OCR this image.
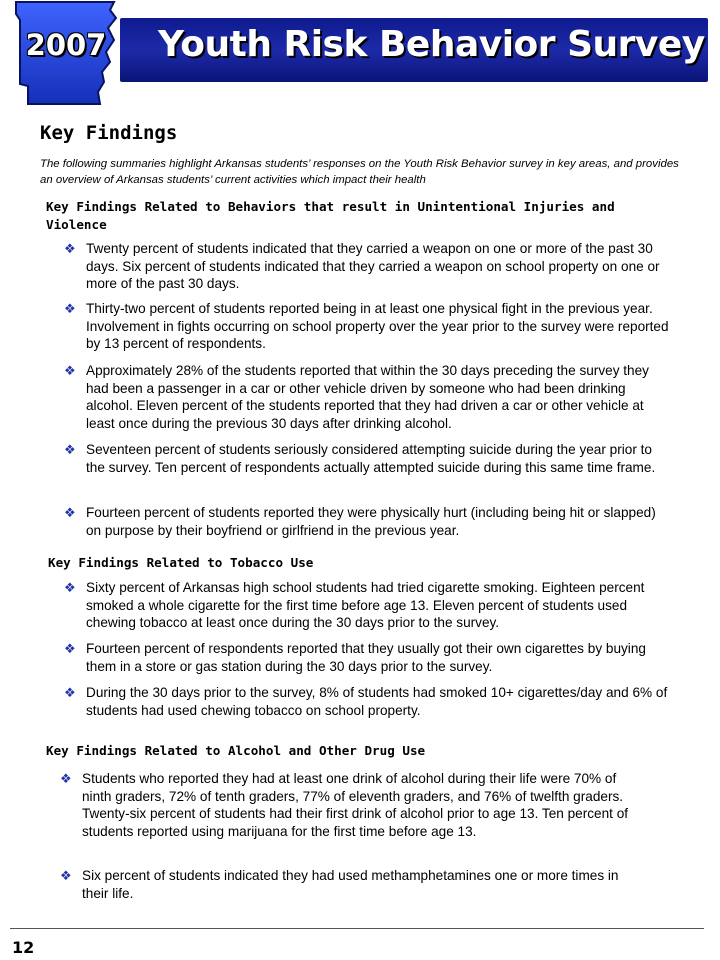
2007 Youth Risk Behavior Survey
Key Findings
The following summaries highlight Arkansas students’ responses on the Youth Risk Behavior survey in key areas, and provides an overview of Arkansas students’ current activities which impact their health
Key Findings Related to Behaviors that result in Unintentional Injuries and Violence
❖ Twenty percent of students indicated that they carried a weapon on one or more of the past 30 days. Six percent of students indicated that they carried a weapon on school property on one or more of the past 30 days.
❖ Thirty-two percent of students reported being in at least one physical fight in the previous year. Involvement in fights occurring on school property over the year prior to the survey were reported by 13 percent of respondents.
❖ Approximately 28% of the students reported that within the 30 days preceding the survey they had been a passenger in a car or other vehicle driven by someone who had been drinking alcohol. Eleven percent of the students reported that they had driven a car or other vehicle at least once during the previous 30 days after drinking alcohol.
❖ Seventeen percent of students seriously considered attempting suicide during the year prior to the survey. Ten percent of respondents actually attempted suicide during this same time frame.
❖ Fourteen percent of students reported they were physically hurt (including being hit or slapped) on purpose by their boyfriend or girlfriend in the previous year.
Key Findings Related to Tobacco Use
❖ Sixty percent of Arkansas high school students had tried cigarette smoking. Eighteen percent smoked a whole cigarette for the first time before age 13. Eleven percent of students used chewing tobacco at least once during the 30 days prior to the survey.
❖ Fourteen percent of respondents reported that they usually got their own cigarettes by buying them in a store or gas station during the 30 days prior to the survey.
❖ During the 30 days prior to the survey, 8% of students had smoked 10+ cigarettes/day and 6% of students had used chewing tobacco on school property.
Key Findings Related to Alcohol and Other Drug Use
❖ Students who reported they had at least one drink of alcohol during their life were 70% of ninth graders, 72% of tenth graders, 77% of eleventh graders, and 76% of twelfth graders. Twenty-six percent of students had their first drink of alcohol prior to age 13. Ten percent of students reported using marijuana for the first time before age 13.
❖ Six percent of students indicated they had used methamphetamines one or more times in their life.
12
